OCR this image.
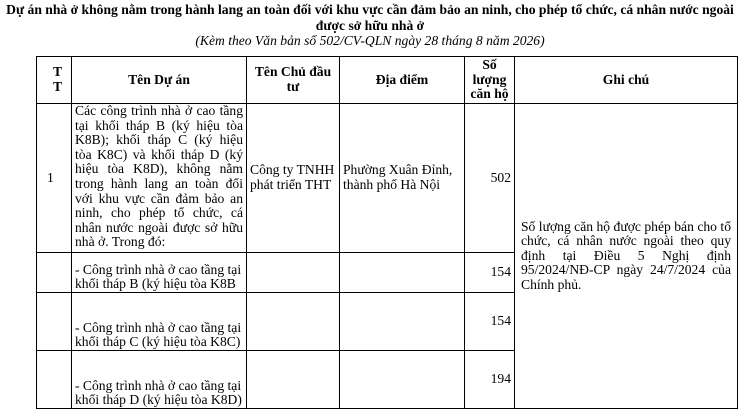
Dự án nhà ở không nằm trong hành lang an toàn đối với khu vực cần đảm bảo an ninh, cho phép tổ chức, cá nhân nước ngoài được sở hữu nhà ở
(Kèm theo Văn bản số 502/CV-QLN ngày 28 tháng 8 năm 2026)
T T	Tên Dự án	Tên Chủ đầu tư	Địa điểm	Số lượng căn hộ	Ghi chú
1	Các công trình nhà ở cao tầng tại khối tháp B (ký hiệu tòa K8B); khối tháp C (ký hiệu tòa K8C) và khối tháp D (ký hiệu tòa K8D), không nằm trong hành lang an toàn đối với khu vực cần đảm bảo an ninh, cho phép tổ chức, cá nhân nước ngoài được sở hữu nhà ở. Trong đó:	Công ty TNHH phát triển THT	Phường Xuân Đỉnh, thành phố Hà Nội	502	Số lượng căn hộ được phép bán cho tổ chức, cá nhân nước ngoài theo quy định tại Điều 5 Nghị định 95/2024/NĐ-CP ngày 24/7/2024 của Chính phủ.
	- Công trình nhà ở cao tầng tại khối tháp B (ký hiệu tòa K8B			154	
	- Công trình nhà ở cao tầng tại khối tháp C (ký hiệu tòa K8C)			154	
	- Công trình nhà ở cao tầng tại khối tháp D (ký hiệu tòa K8D)			194	
